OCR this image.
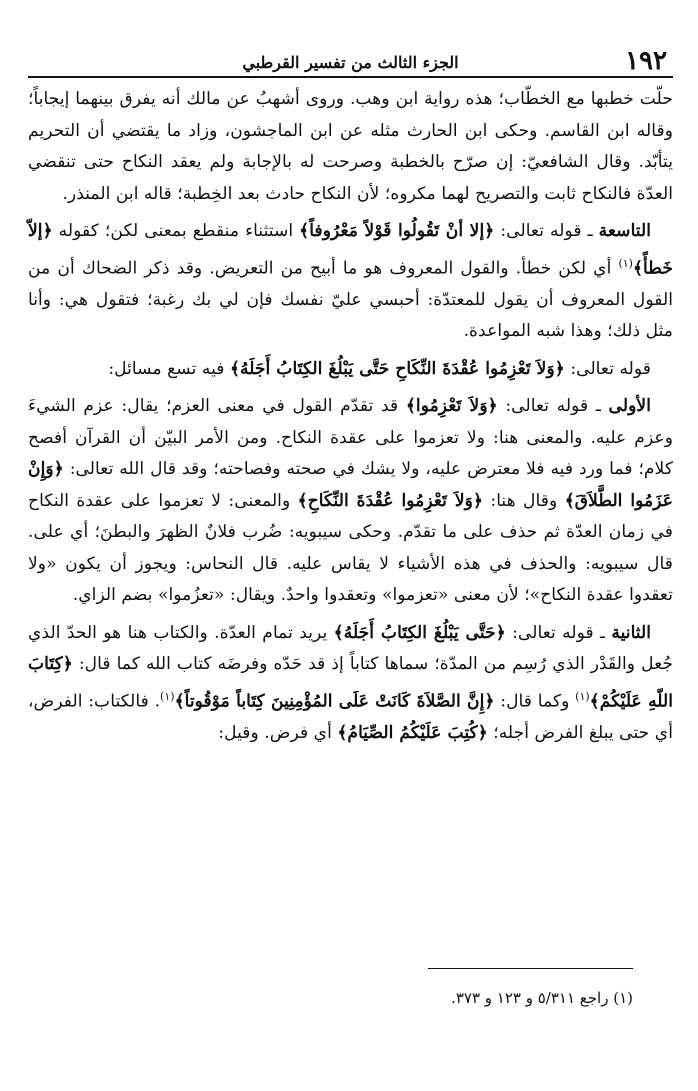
١٩٢
الجزء الثالث من تفسير القرطبي

حلّت خطبها مع الخطّاب؛ هذه رواية ابن وهب. وروى أشهبُ عن مالك أنه يفرق بينهما إيجاباً؛ وقاله ابن القاسم. وحكى ابن الحارث مثله عن ابن الماجشون، وزاد ما يقتضي أن التحريم يتأبّد. وقال الشافعيّ: إن صرّح بالخطبة وصرحت له بالإجابة ولم يعقد النكاح حتى تنقضي العدّة فالنكاح ثابت والتصريح لهما مكروه؛ لأن النكاح حادث بعد الخِطبة؛ قاله ابن المنذر.

التاسعة ـ قوله تعالى: ﴿إلا أنْ تَقُولُوا قَوْلاً مَعْرُوفاً﴾ استثناء منقطع بمعنى لكن؛ كقوله ﴿إلاّ خَطأً﴾$^{(١)}$ أي لكن خطأ. والقول المعروف هو ما أبيح من التعريض. وقد ذكر الضحاك أن من القول المعروف أن يقول للمعتدّة: أحبسي عليّ نفسك فإن لي بك رغبة؛ فتقول هي: وأنا مثل ذلك؛ وهذا شبه المواعدة.

قوله تعالى: ﴿وَلاَ تَعْزِمُوا عُقْدَةَ النِّكَاحِ حَتَّى يَبْلُغَ الكِتَابُ أَجَلَهُ﴾ فيه تسع مسائل:

الأولى ـ قوله تعالى: ﴿وَلاَ تَعْزِمُوا﴾ قد تقدّم القول في معنى العزم؛ يقال: عزم الشيءَ وعزم عليه. والمعنى هنا: ولا تعزموا على عقدة النكاح. ومن الأمر البيّن أن القرآن أفصح كلام؛ فما ورد فيه فلا معترض عليه، ولا يشك في صحته وفصاحته؛ وقد قال الله تعالى: ﴿وَإِنْ عَزَمُوا الطَّلاَقَ﴾ وقال هنا: ﴿وَلاَ تَعْزِمُوا عُقْدَةَ النِّكَاحِ﴾ والمعنى: لا تعزموا على عقدة النكاح في زمان العدّة ثم حذف على ما تقدّم. وحكى سيبويه: ضُرب فلانٌ الظهرَ والبطنَ؛ أي على. قال سيبويه: والحذف في هذه الأشياء لا يقاس عليه. قال النحاس: ويجوز أن يكون «ولا تعقدوا عقدة النكاح»؛ لأن معنى «تعزموا» وتعقدوا واحدٌ. ويقال: «تعزُموا» بضم الزاي.

الثانية ـ قوله تعالى: ﴿حَتَّى يَبْلُغَ الكِتَابُ أَجَلَهُ﴾ يريد تمام العدّة. والكتاب هنا هو الحدّ الذي جُعل والقَدْر الذي رُسِم من المدّة؛ سماها كتاباً إذ قد حَدّه وفرضَه كتاب الله كما قال: ﴿كِتَابَ اللّهِ عَلَيْكُمْ﴾$^{(١)}$ وكما قال: ﴿إِنَّ الصَّلاَةَ كَانَتْ عَلَى المُؤْمِنِينَ كِتَاباً مَوْقُوتاً﴾$^{(١)}$. فالكتاب: الفرض، أي حتى يبلغ الفرض أجله؛ ﴿كُتِبَ عَلَيْكُمُ الصِّيَامُ﴾ أي فرض. وقيل:

(١) راجع ٥/٣١١ و ١٢٣ و ٣٧٣.
